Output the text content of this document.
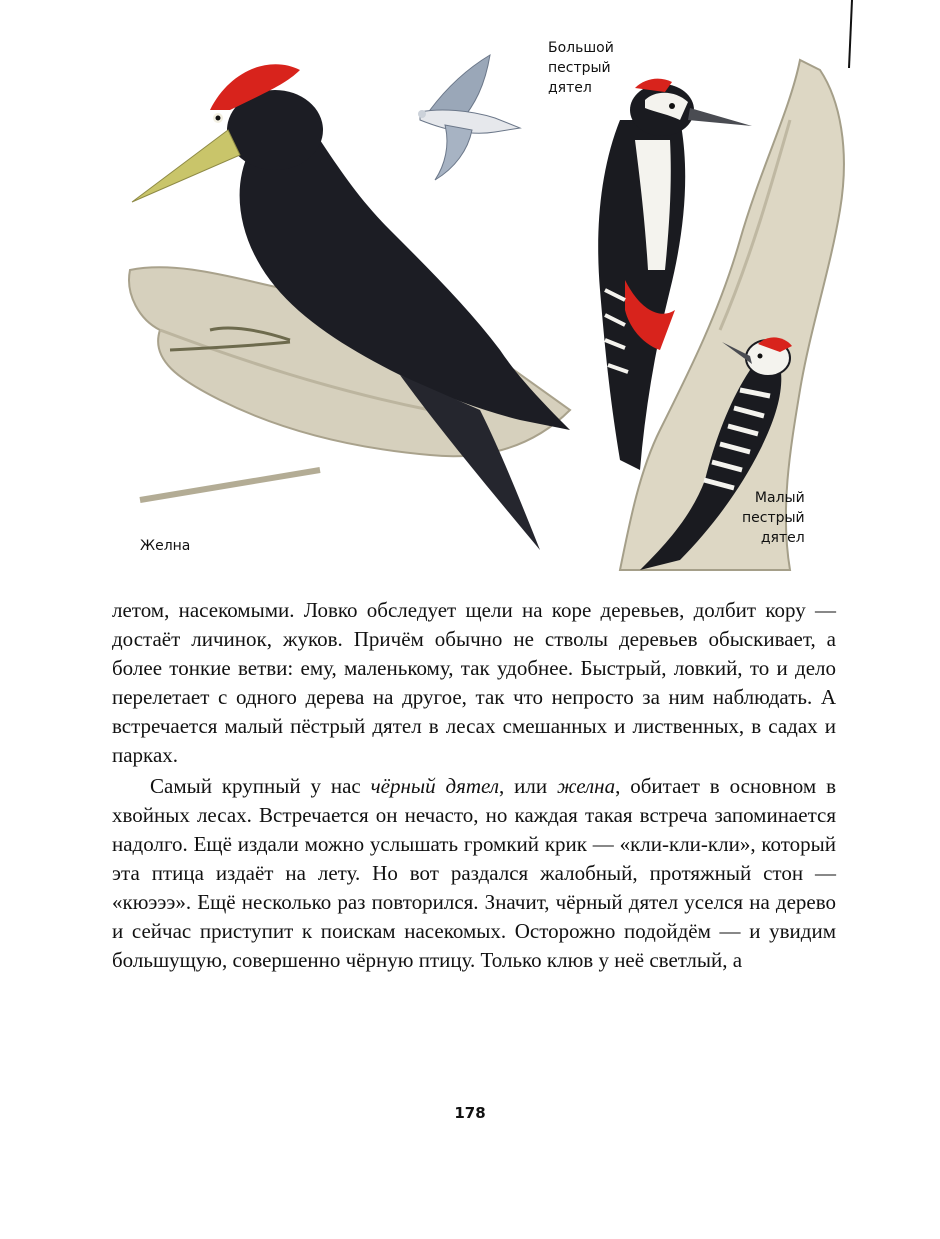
Большой
пестрый
дятел
Малый
пестрый
дятел
Желна

летом, насекомыми. Ловко обследует щели на коре деревьев, долбит кору — достаёт личинок, жуков. Причём обычно не стволы деревьев обыскивает, а более тонкие ветви: ему, маленькому, так удобнее. Быстрый, ловкий, то и дело перелетает с одного дерева на другое, так что непросто за ним наблюдать. А встречается малый пёстрый дятел в лесах смешанных и лиственных, в садах и парках.

Самый крупный у нас чёрный дятел, или желна, обитает в основном в хвойных лесах. Встречается он нечасто, но каждая такая встреча запоминается надолго. Ещё издали можно услышать громкий крик — «кли-кли-кли», который эта птица издаёт на лету. Но вот раздался жалобный, протяжный стон — «кюэээ». Ещё несколько раз повторился. Значит, чёрный дятел уселся на дерево и сейчас приступит к поискам насекомых. Осторожно подойдём — и увидим большущую, совершенно чёрную птицу. Только клюв у неё светлый, а

178
